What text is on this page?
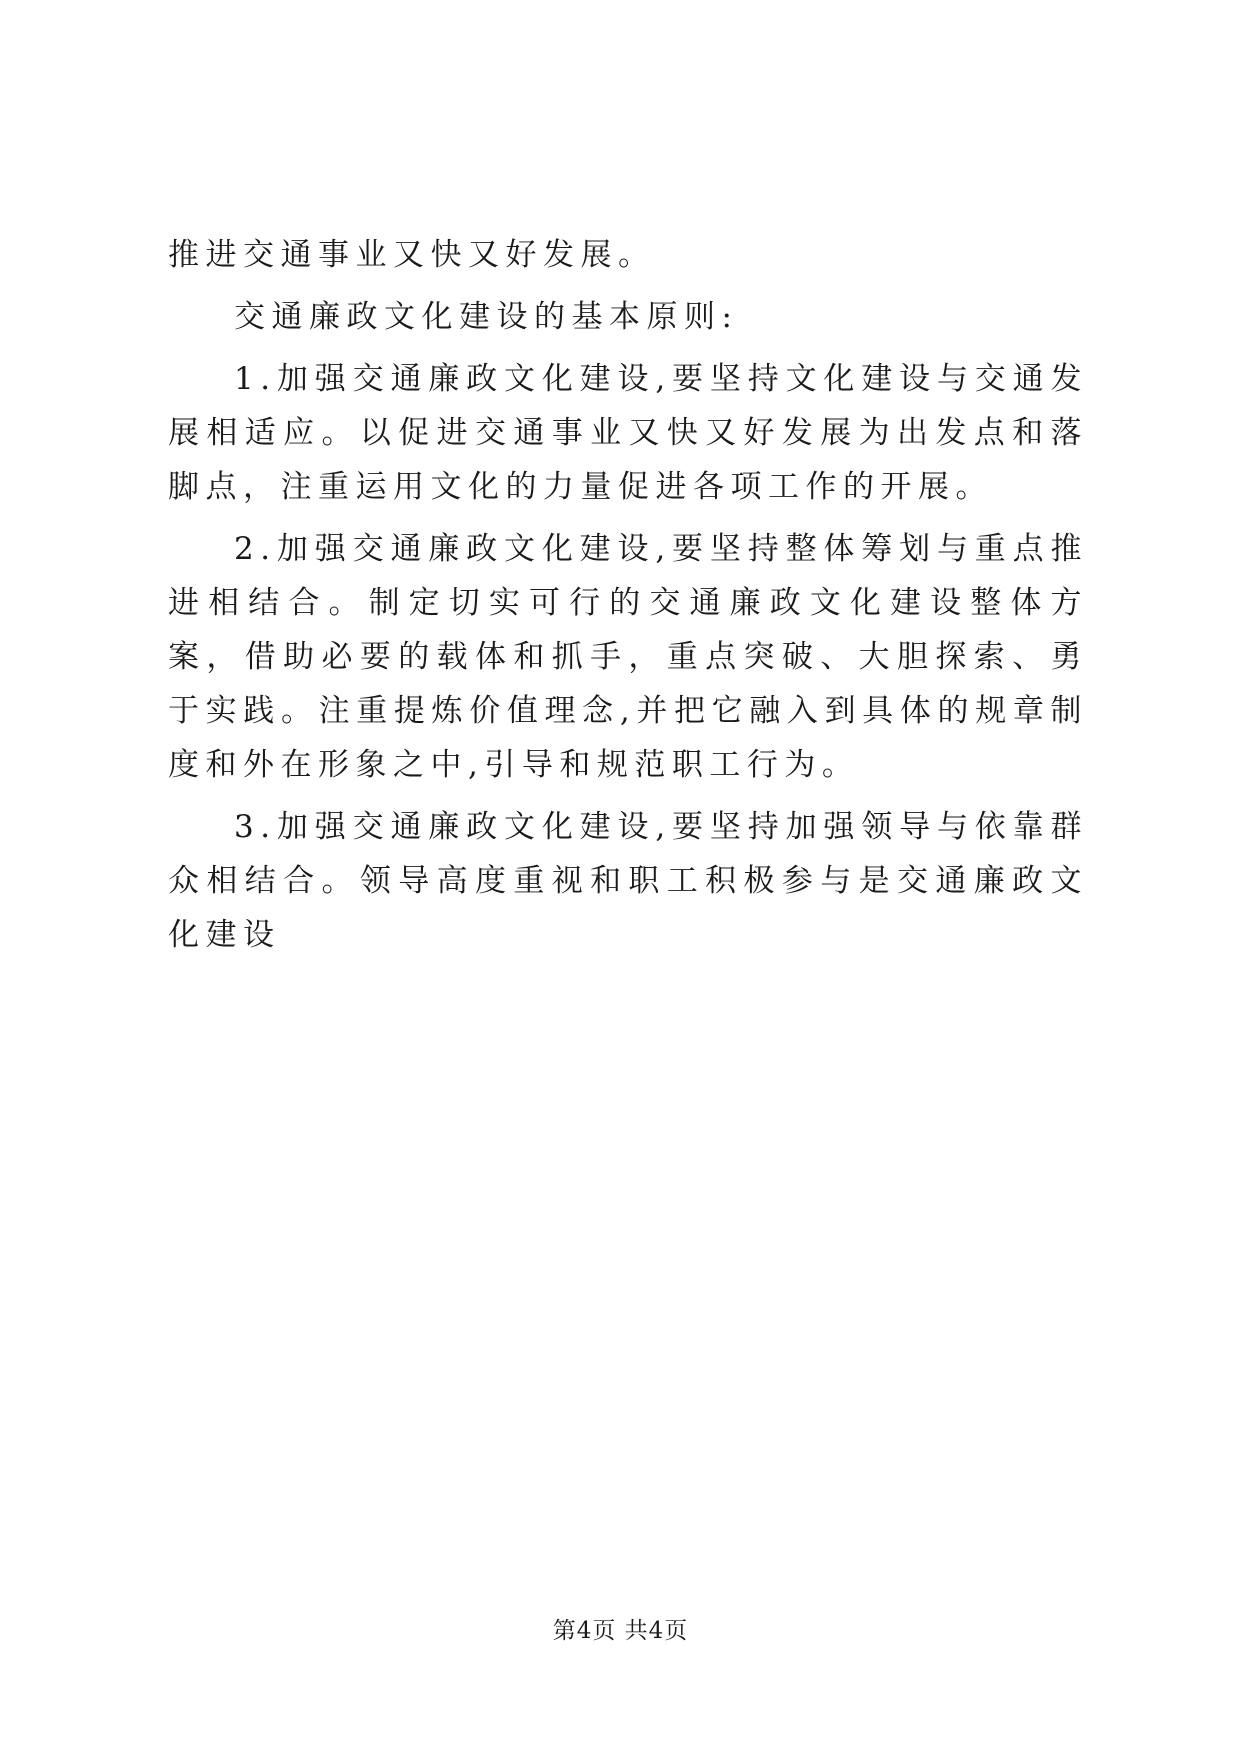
推进交通事业又快又好发展。

交通廉政文化建设的基本原则:

1.加强交通廉政文化建设,要坚持文化建设与交通发展相适应。以促进交通事业又快又好发展为出发点和落脚点，注重运用文化的力量促进各项工作的开展。

2.加强交通廉政文化建设,要坚持整体筹划与重点推进相结合。制定切实可行的交通廉政文化建设整体方案，借助必要的载体和抓手，重点突破、大胆探索、勇于实践。注重提炼价值理念,并把它融入到具体的规章制度和外在形象之中,引导和规范职工行为。

3.加强交通廉政文化建设,要坚持加强领导与依靠群众相结合。领导高度重视和职工积极参与是交通廉政文化建设

第4页 共4页
